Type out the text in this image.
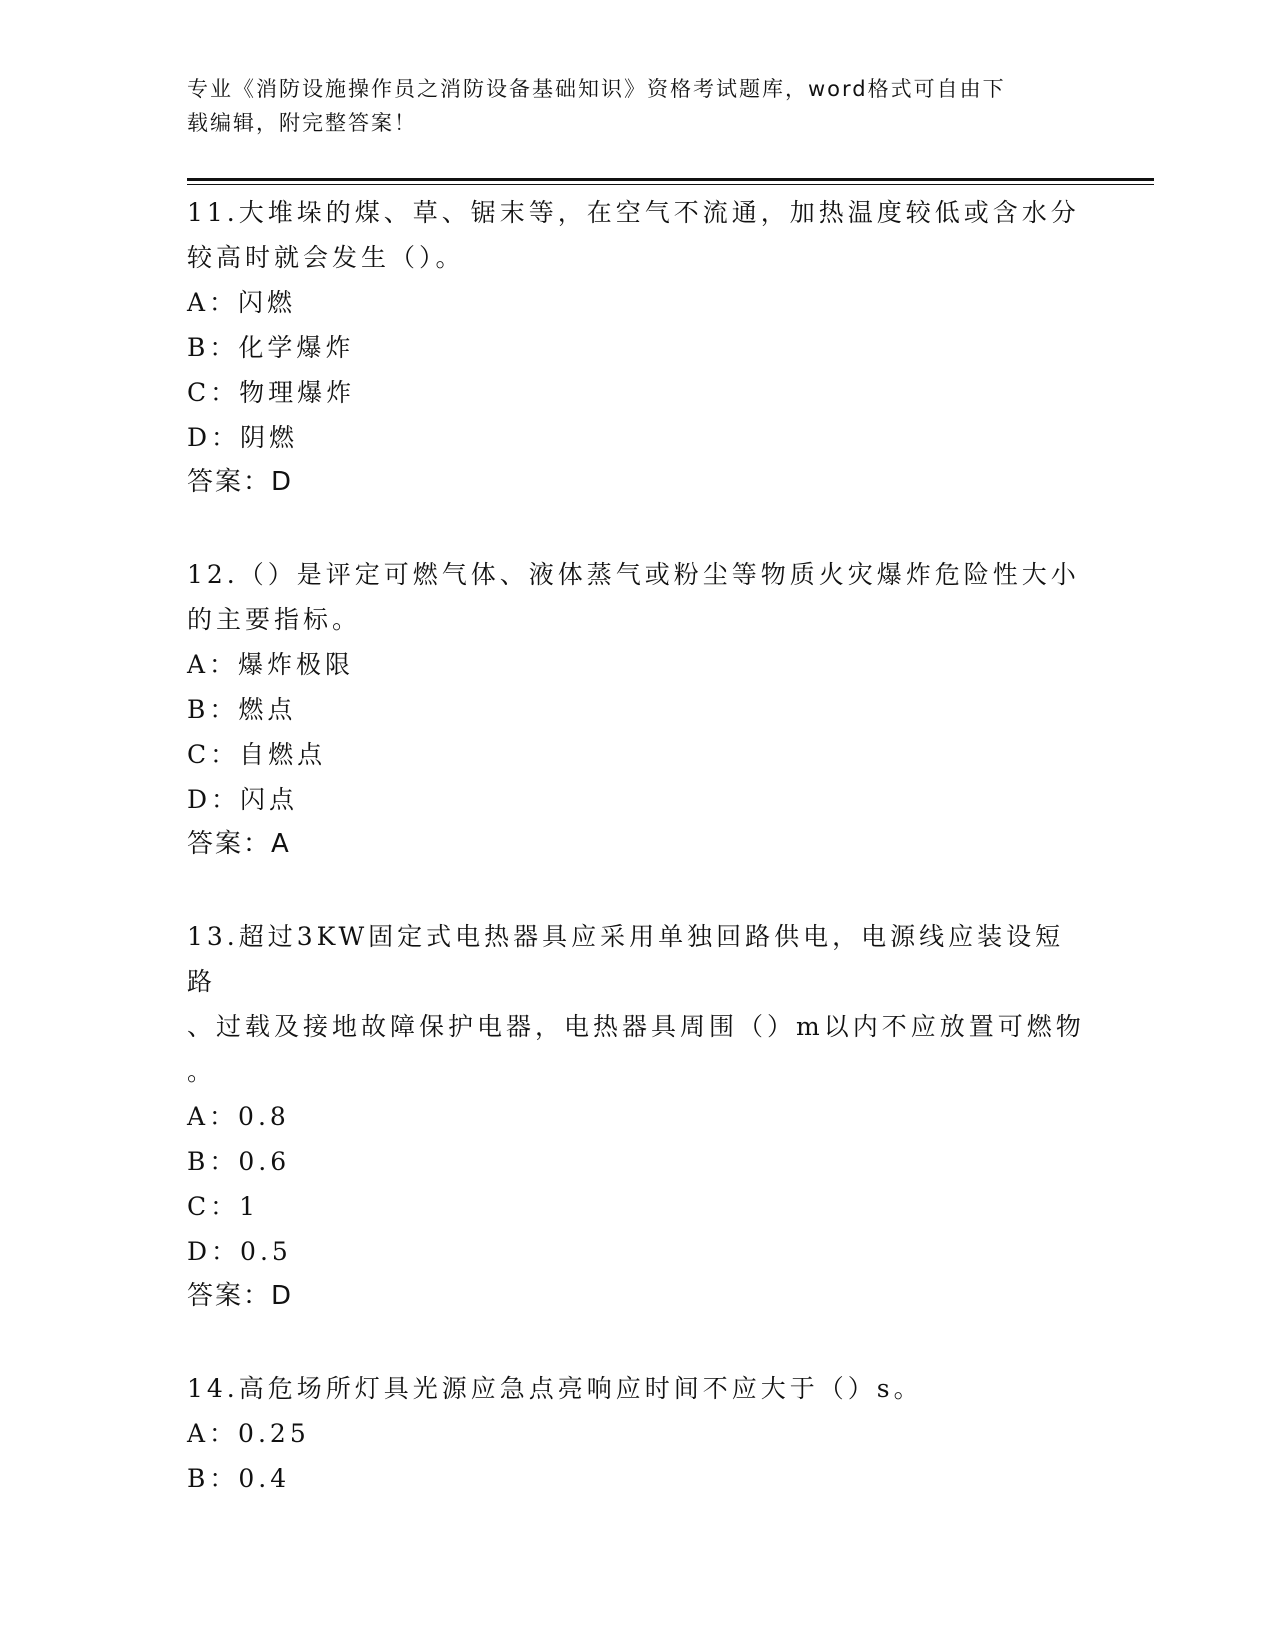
专业《消防设施操作员之消防设备基础知识》资格考试题库，word格式可自由下
载编辑，附完整答案！

11.大堆垛的煤、草、锯末等，在空气不流通，加热温度较低或含水分

较高时就会发生（）。

A：闪燃

B：化学爆炸

C：物理爆炸

D：阴燃

答案：D

12.（）是评定可燃气体、液体蒸气或粉尘等物质火灾爆炸危险性大小

的主要指标。

A：爆炸极限

B：燃点

C：自燃点

D：闪点

答案：A

13.超过3KW固定式电热器具应采用单独回路供电，电源线应装设短路

、过载及接地故障保护电器，电热器具周围（）m以内不应放置可燃物

。

A：0.8

B：0.6

C：1

D：0.5

答案：D

14.高危场所灯具光源应急点亮响应时间不应大于（）s。

A：0.25

B：0.4
